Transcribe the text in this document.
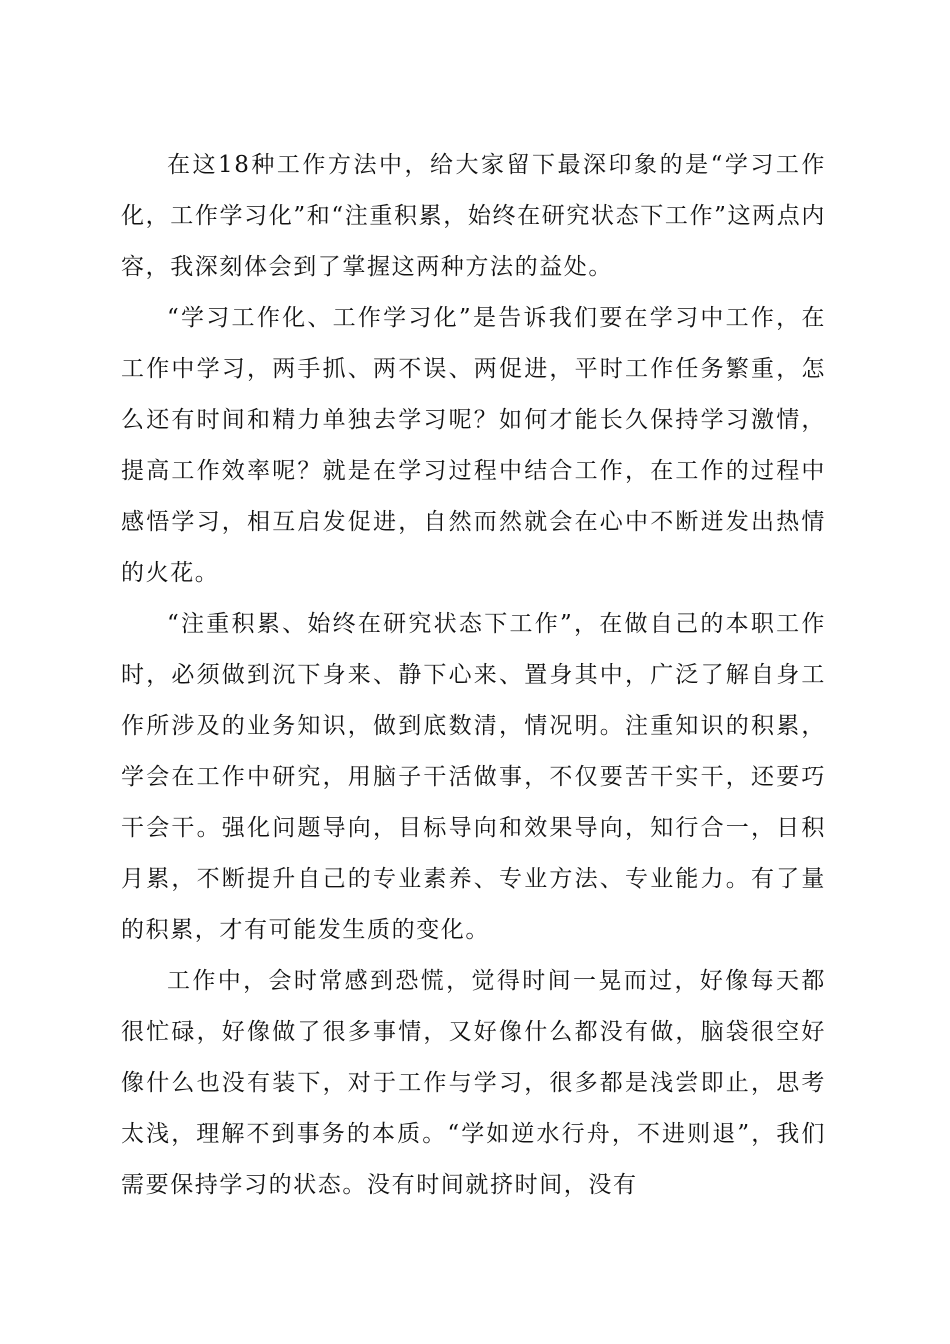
在这18种工作方法中，给大家留下最深印象的是“学习工作化，工作学习化”和“注重积累，始终在研究状态下工作”这两点内容，我深刻体会到了掌握这两种方法的益处。

“学习工作化、工作学习化”是告诉我们要在学习中工作，在工作中学习，两手抓、两不误、两促进，平时工作任务繁重，怎么还有时间和精力单独去学习呢？如何才能长久保持学习激情，提高工作效率呢？就是在学习过程中结合工作，在工作的过程中感悟学习，相互启发促进，自然而然就会在心中不断迸发出热情的火花。

“注重积累、始终在研究状态下工作”，在做自己的本职工作时，必须做到沉下身来、静下心来、置身其中，广泛了解自身工作所涉及的业务知识，做到底数清，情况明。注重知识的积累，学会在工作中研究，用脑子干活做事，不仅要苦干实干，还要巧干会干。强化问题导向，目标导向和效果导向，知行合一，日积月累，不断提升自己的专业素养、专业方法、专业能力。有了量的积累，才有可能发生质的变化。

工作中，会时常感到恐慌，觉得时间一晃而过，好像每天都很忙碌，好像做了很多事情，又好像什么都没有做，脑袋很空好像什么也没有装下，对于工作与学习，很多都是浅尝即止，思考太浅，理解不到事务的本质。“学如逆水行舟，不进则退”，我们需要保持学习的状态。没有时间就挤时间，没有
